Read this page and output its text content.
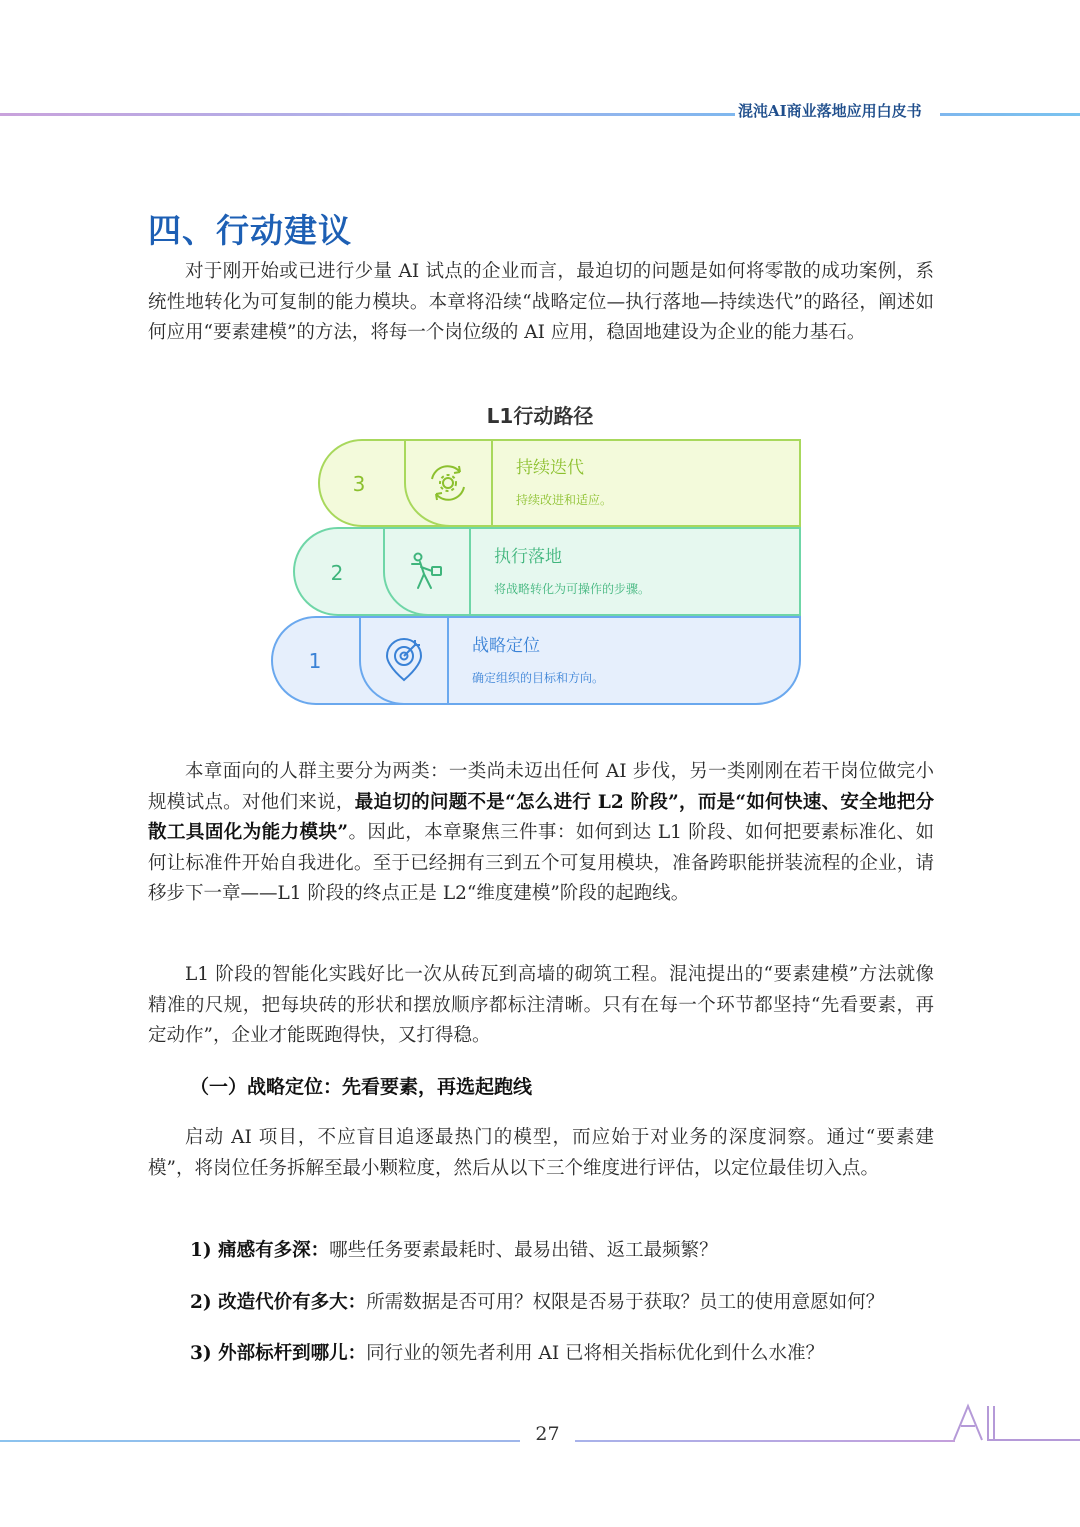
混沌AI商业落地应用白皮书
四、行动建议

对于刚开始或已进行少量 AI 试点的企业而言，最迫切的问题是如何将零散的成功案例，系统性地转化为可复制的能力模块。本章将沿续“战略定位—执行落地—持续迭代”的路径，阐述如何应用“要素建模”的方法，将每一个岗位级的 AI 应用，稳固地建设为企业的能力基石。

L1行动路径
3
持续迭代
持续改进和适应。
2
执行落地
将战略转化为可操作的步骤。
1
战略定位
确定组织的目标和方向。

本章面向的人群主要分为两类：一类尚未迈出任何 AI 步伐，另一类刚刚在若干岗位做完小规模试点。对他们来说，最迫切的问题不是“怎么进行 L2 阶段”，而是“如何快速、安全地把分散工具固化为能力模块”。因此，本章聚焦三件事：如何到达 L1 阶段、如何把要素标准化、如何让标准件开始自我进化。至于已经拥有三到五个可复用模块，准备跨职能拼装流程的企业，请移步下一章——L1 阶段的终点正是 L2“维度建模”阶段的起跑线。

L1 阶段的智能化实践好比一次从砖瓦到高墙的砌筑工程。混沌提出的“要素建模”方法就像精准的尺规，把每块砖的形状和摆放顺序都标注清晰。只有在每一个环节都坚持“先看要素，再定动作”，企业才能既跑得快，又打得稳。

（一）战略定位：先看要素，再选起跑线

启动 AI 项目，不应盲目追逐最热门的模型，而应始于对业务的深度洞察。通过“要素建模”，将岗位任务拆解至最小颗粒度，然后从以下三个维度进行评估，以定位最佳切入点。

1) 痛感有多深：哪些任务要素最耗时、最易出错、返工最频繁？

2) 改造代价有多大：所需数据是否可用？权限是否易于获取？员工的使用意愿如何？

3) 外部标杆到哪儿：同行业的领先者利用 AI 已将相关指标优化到什么水准？

27
